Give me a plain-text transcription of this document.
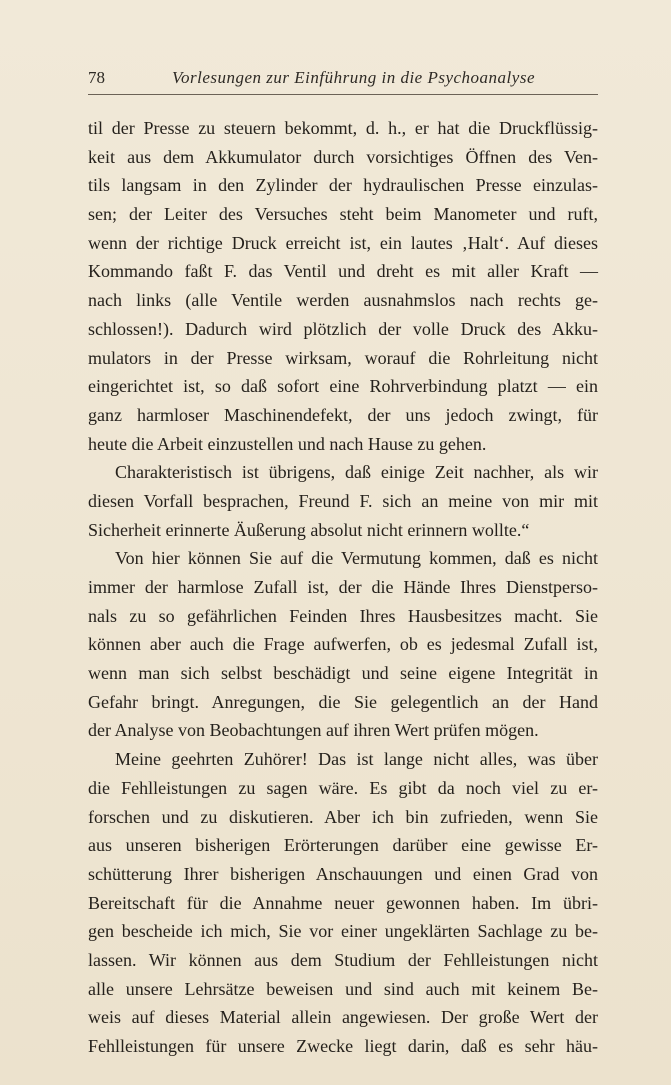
78	Vorlesungen zur Einführung in die Psychoanalyse
til der Presse zu steuern bekommt, d. h., er hat die Druckflüssig-
keit aus dem Akkumulator durch vorsichtiges Öffnen des Ven-
tils langsam in den Zylinder der hydraulischen Presse einzulas-
sen; der Leiter des Versuches steht beim Manometer und ruft,
wenn der richtige Druck erreicht ist, ein lautes ‚Halt‘. Auf dieses
Kommando faßt F. das Ventil und dreht es mit aller Kraft —
nach links (alle Ventile werden ausnahmslos nach rechts ge-
schlossen!). Dadurch wird plötzlich der volle Druck des Akku-
mulators in der Presse wirksam, worauf die Rohrleitung nicht
eingerichtet ist, so daß sofort eine Rohrverbindung platzt — ein
ganz harmloser Maschinendefekt, der uns jedoch zwingt, für
heute die Arbeit einzustellen und nach Hause zu gehen.
Charakteristisch ist übrigens, daß einige Zeit nachher, als wir
diesen Vorfall besprachen, Freund F. sich an meine von mir mit
Sicherheit erinnerte Äußerung absolut nicht erinnern wollte.“
Von hier können Sie auf die Vermutung kommen, daß es nicht
immer der harmlose Zufall ist, der die Hände Ihres Dienstperso-
nals zu so gefährlichen Feinden Ihres Hausbesitzes macht. Sie
können aber auch die Frage aufwerfen, ob es jedesmal Zufall ist,
wenn man sich selbst beschädigt und seine eigene Integrität in
Gefahr bringt. Anregungen, die Sie gelegentlich an der Hand
der Analyse von Beobachtungen auf ihren Wert prüfen mögen.
Meine geehrten Zuhörer! Das ist lange nicht alles, was über
die Fehlleistungen zu sagen wäre. Es gibt da noch viel zu er-
forschen und zu diskutieren. Aber ich bin zufrieden, wenn Sie
aus unseren bisherigen Erörterungen darüber eine gewisse Er-
schütterung Ihrer bisherigen Anschauungen und einen Grad von
Bereitschaft für die Annahme neuer gewonnen haben. Im übri-
gen bescheide ich mich, Sie vor einer ungeklärten Sachlage zu be-
lassen. Wir können aus dem Studium der Fehlleistungen nicht
alle unsere Lehrsätze beweisen und sind auch mit keinem Be-
weis auf dieses Material allein angewiesen. Der große Wert der
Fehlleistungen für unsere Zwecke liegt darin, daß es sehr häu-
